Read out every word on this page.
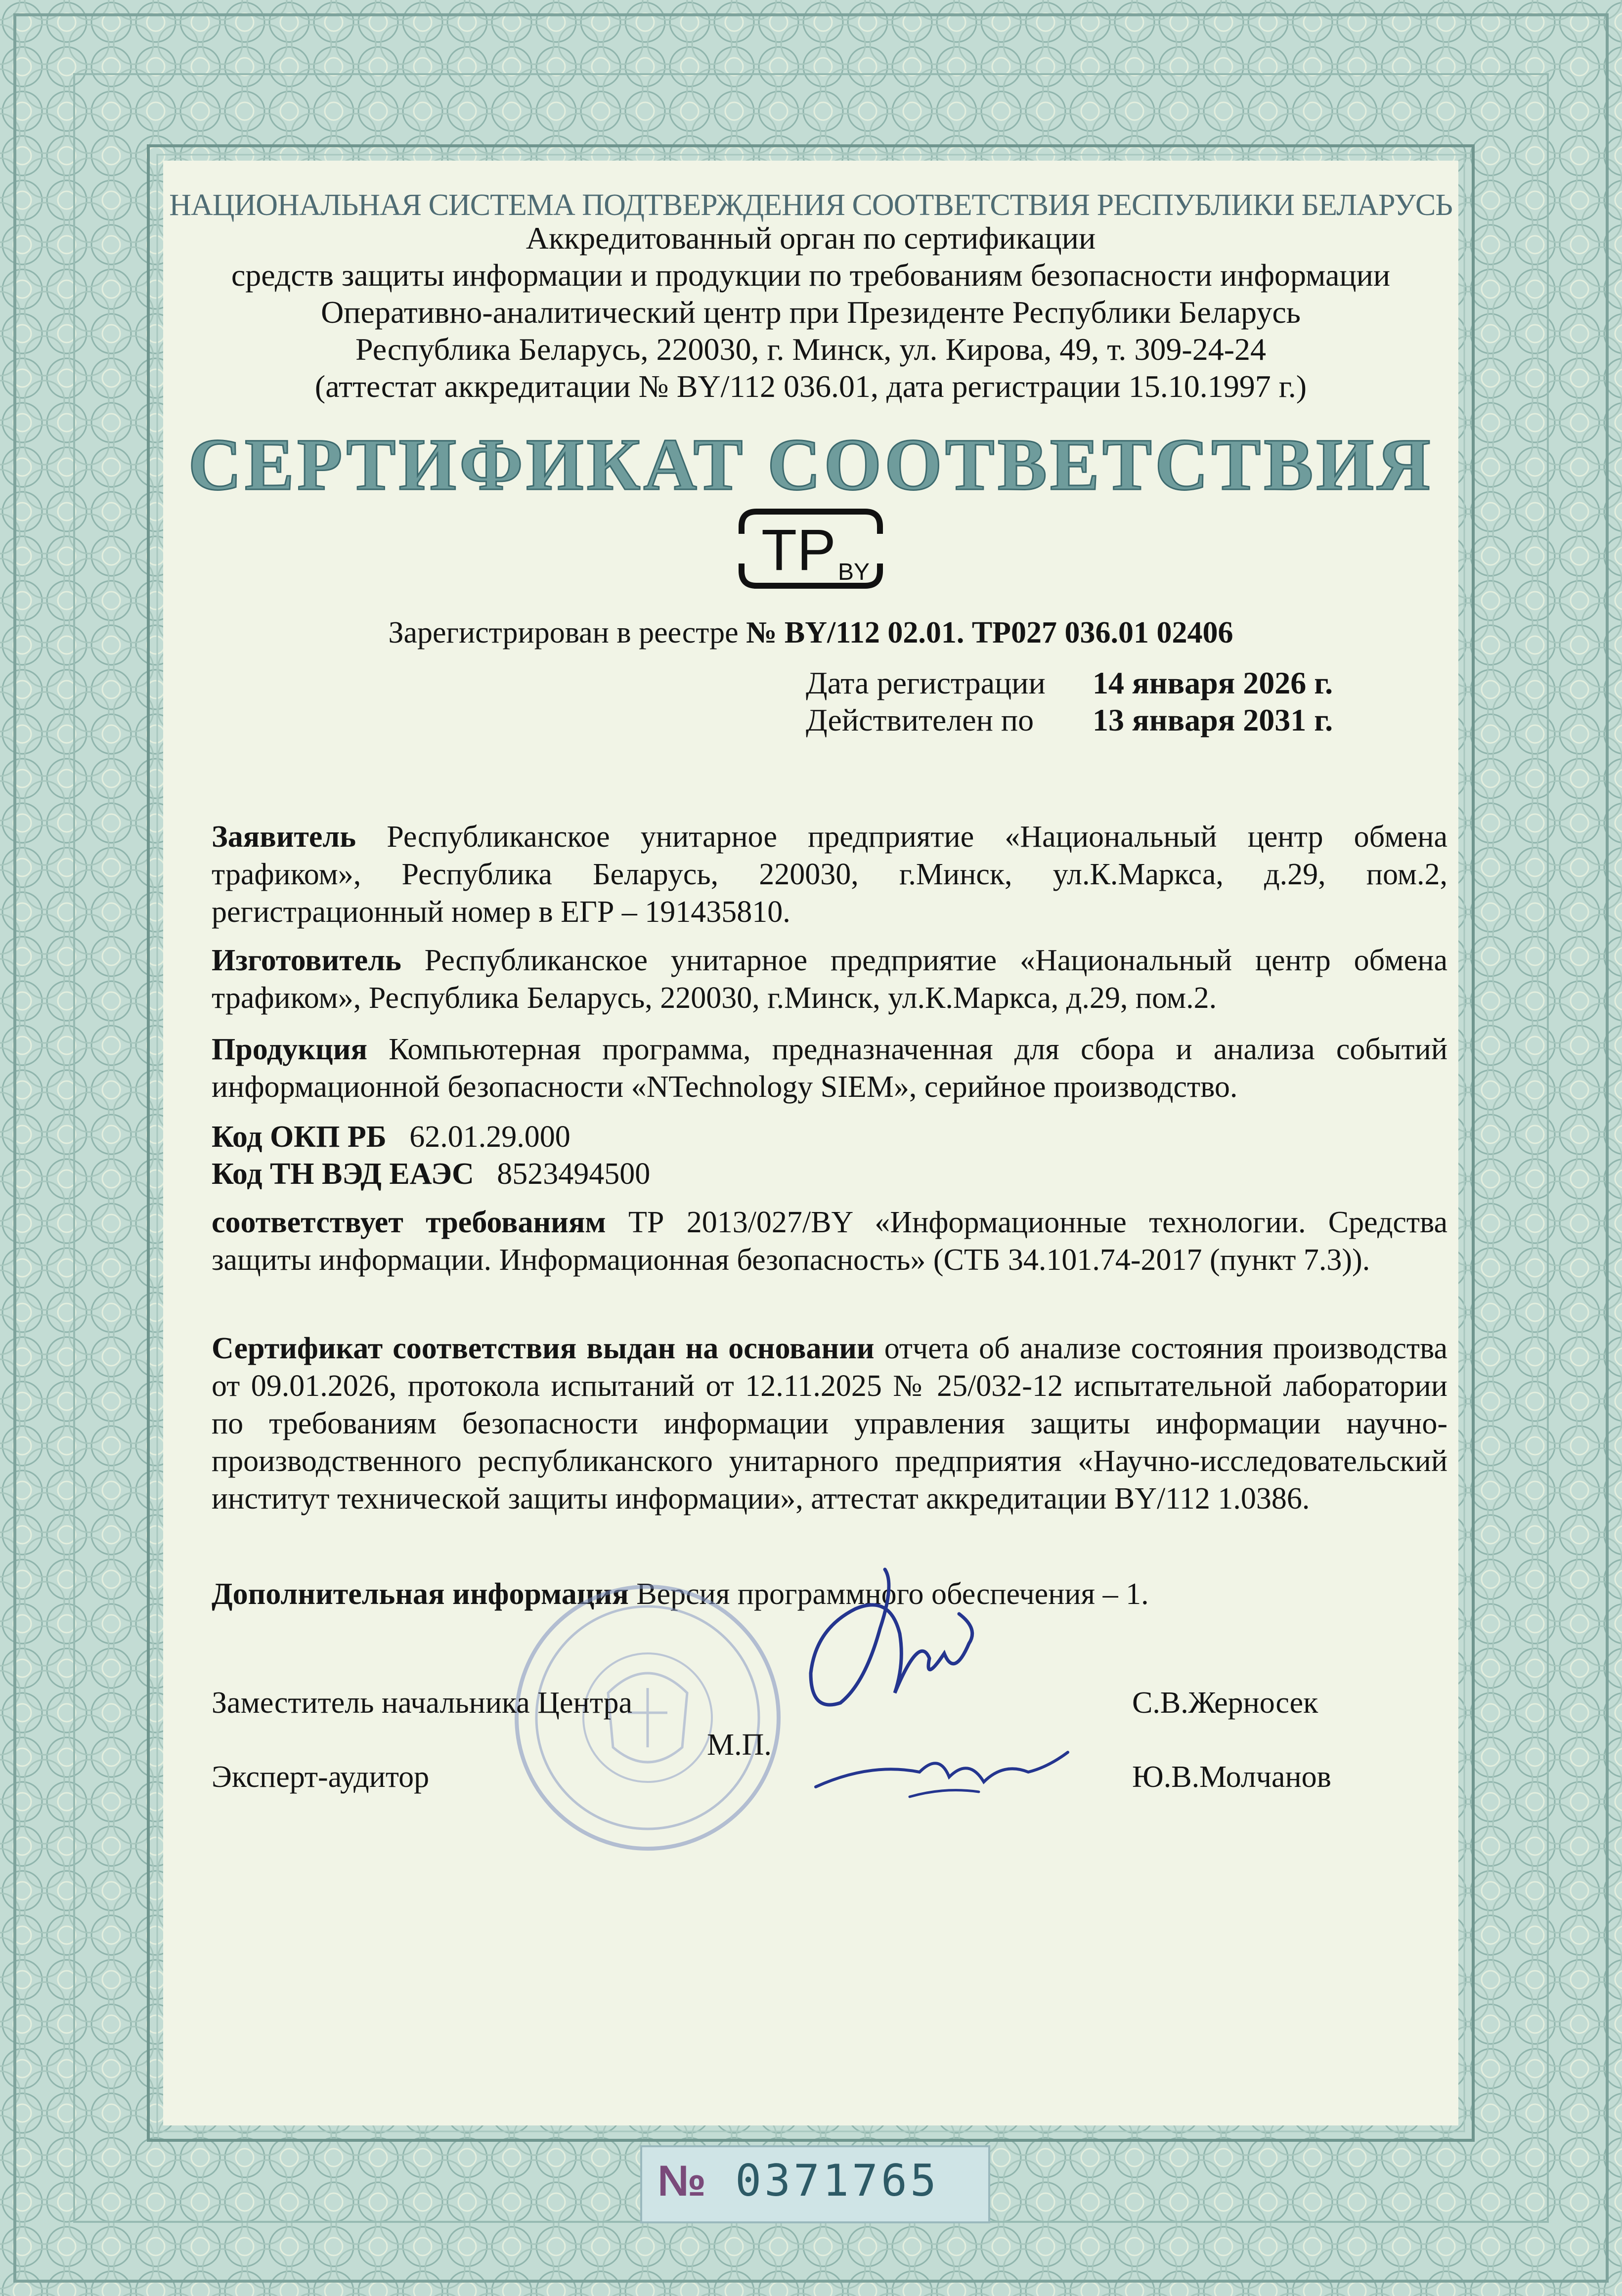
НАЦИОНАЛЬНАЯ СИСТЕМА ПОДТВЕРЖДЕНИЯ СООТВЕТСТВИЯ РЕСПУБЛИКИ БЕЛАРУСЬ
Аккредитованный орган по сертификации
средств защиты информации и продукции по требованиям безопасности информации
Оперативно-аналитический центр при Президенте Республики Беларусь
Республика Беларусь, 220030, г. Минск, ул. Кирова, 49, т. 309-24-24
(аттестат аккредитации № BY/112 036.01, дата регистрации 15.10.1997 г.)
СЕРТИФИКАТ СООТВЕТСТВИЯ
ТР BY
Зарегистрирован в реестре № BY/112 02.01. ТР027 036.01 02406
Дата регистрации 14 января 2026 г.
Действителен по 13 января 2031 г.
Заявитель Республиканское унитарное предприятие «Национальный центр обмена трафиком», Республика Беларусь, 220030, г.Минск, ул.К.Маркса, д.29, пом.2, регистрационный номер в ЕГР – 191435810.
Изготовитель Республиканское унитарное предприятие «Национальный центр обмена трафиком», Республика Беларусь, 220030, г.Минск, ул.К.Маркса, д.29, пом.2.
Продукция Компьютерная программа, предназначенная для сбора и анализа событий информационной безопасности «NTechnology SIEM», серийное производство.
Код ОКП РБ 62.01.29.000
Код ТН ВЭД ЕАЭС 8523494500
соответствует требованиям ТР 2013/027/BY «Информационные технологии. Средства защиты информации. Информационная безопасность» (СТБ 34.101.74-2017 (пункт 7.3)).
Сертификат соответствия выдан на основании отчета об анализе состояния производства от 09.01.2026, протокола испытаний от 12.11.2025 № 25/032-12 испытательной лаборатории по требованиям безопасности информации управления защиты информации научно-производственного республиканского унитарного предприятия «Научно-исследовательский институт технической защиты информации», аттестат аккредитации BY/112 1.0386.
Дополнительная информация Версия программного обеспечения – 1.
Заместитель начальника Центра	С.В.Жерносек
М.П.
Эксперт-аудитор	Ю.В.Молчанов
№ 0371765
